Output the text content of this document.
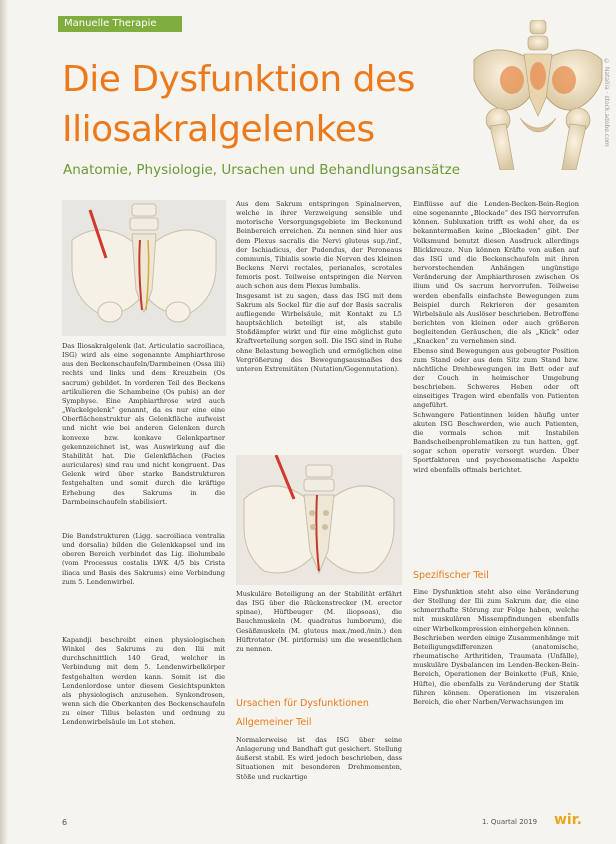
Manuelle Therapie
Die Dysfunktion des
Iliosakralgelenkes
Anatomie, Physiologie, Ursachen und Behandlungsansätze
© Nataliia · stock.adobe.com

Das Iliosakralgelenk (lat. Articulatio sacroiliaca, ISG) wird als eine sogenannte Amphiarthrose aus den Beckenschaufeln/Darmbeinen (Ossa ilii) rechts und links und dem Kreuzbein (Os sacrum) gebildet. In vorderen Teil des Beckens artikulieren die Schambeine (Os pubis) an der Symphyse. Eine Amphiarthrose wird auch „Wackelgelenk“ genannt, da es nur eine eine Oberflächenstruktur als Gelenkfläche aufweist und nicht wie bei anderen Gelenken durch konvexe bzw. konkave Gelenkpartner gekennzeichnet ist, was Auswirkung auf die Stabilität hat. Die Gelenkflächen (Facies auriculares) sind rau und nicht kongruent. Das Gelenk wird über starke Bandstrukturen festgehalten und somit durch die kräftige Erhebung des Sakrums in die Darmbeinschaufeln stabilisiert.

Die Bandstrukturen (Ligg. sacroiliaca ventralia und dorsalia) bilden die Gelenkkapsel und im oberen Bereich verbindet das Lig. iliolumbale (vom Processus costalis LWK 4/5 bis Crista iliaca und Basis des Sakrums) eine Verbindung zum 5. Lendenwirbel.

Kapandji beschreibt einen physiologischen Winkel des Sakrums zu den Ilii mit durchschnittlich 140 Grad, welcher in Verbindung mit dem 5. Lendenwirbelkörper festgehalten werden kann. Somit ist die Lendenlordose unter diesem Gesichtspunkten als physiologisch anzusehen. Synkondrosen, wenn sich die Oberkanten des Beckenschaufeln zu einer Tillus belasten und ordnung zu Lendenwirbelsäule im Lot stehen.

Aus dem Sakrum entspringen Spinalnerven, welche in ihrer Verzweigung sensible und motorische Versorgungsgebiete im Beckenund Beinbereich erreichen. Zu nennen sind hier aus dem Plexus sacralis die Nervi gluteus sup./inf., der Ischiadicus, der Pudendus, der Peroneaus communis, Tibialis sowie die Nerven des kleinen Beckens Nervi rectales, perianales, scrotales femoris post. Teilweise entspringen die Nerven auch schon aus dem Plexus lumbalis.

Insgesamt ist zu sagen, dass das ISG mit dem Sakrum als Sockel für die auf der Basis sacralis aufliegende Wirbelsäule, mit Kontakt zu L5 hauptsächlich beteiligt ist, als stabile Stoßdämpfer wirkt und für eine möglichst gute Kraftverteilung sorgen soll. Die ISG sind in Ruhe ohne Belastung beweglich und ermöglichen eine Vergrößerung des Bewegungsausmaßes des unteren Extremitäten (Nutation/Gegennutation).

Muskuläre Beteiligung an der Stabilität erfährt das ISG über die Rückenstrecker (M. erector spinae), Hüftbeuger (M. iliopsoas), die Bauchmuskeln (M. quadratus lumborum), die Gesäßmuskeln (M. gluteus max./med./min.) den Hüftrotator (M. piriformis) um die wesentlichen zu nennen.

Ursachen für Dysfunktionen
Allgemeiner Teil

Normalerweise ist das ISG über seine Anlagerung und Bandhaft gut gesichert. Stellung äußerst stabil. Es wird jedoch beschrieben, dass Situationen mit besonderen Drehmomenten, Stöße und ruckartige

Einflüsse auf die Lenden-Becken-Bein-Region eine sogenannte „Blockade“ des ISG hervorrufen können. Subluxation trifft es wohl eher, da es bekanntermaßen keine „Blockaden“ gibt. Der Volksmund benutzt diesen Ausdruck allerdings Blickkreuze. Nun können Kräfte von außen auf das ISG und die Beckenschaufeln mit ihren hervorstechenden Anhängen ungünstige Veränderung der Amphiarthrosen zwischen Os ilium und Os sacrum hervorrufen. Teilweise werden ebenfalls einfachste Bewegungen zum Beispiel durch Rekrieren der gesamten Wirbelsäule als Auslöser beschrieben. Betroffene berichten von kleinen oder auch größeren begleitenden Geräuschen, die als „Klick“ oder „Knacken“ zu vernehmen sind.

Ebenso sind Bewegungen aus gebeugter Position zum Stand oder aus dem Sitz zum Stand bzw. nächtliche Drehbewegungen im Bett oder auf der Couch in heimischer Umgebung beschrieben. Schweres Heben oder oft einseitiges Tragen wird ebenfalls von Patienten angeführt.

Schwangere Patientinnen leiden häufig unter akuten ISG Beschwerden, wie auch Patienten, die vormals schon mit Instabilen Bandscheibenproblematiken zu tun hatten, ggf. sogar schon operativ versorgt wurden. Über Sportfaktoren und psychosomatische Aspekte wird ebenfalls oftmals berichtet.

Spezifischer Teil

Eine Dysfunktion steht also eine Veränderung der Stellung der Ilii zum Sakrum dar, die eine schmerzhafte Störung zur Folge haben, welche mit muskulären Missempfindungen ebenfalls einer Wirbelkompression einhergehen können.

Beschrieben werden einige Zusammenhänge mit Beteiligungsdifferenzen (anatomische, rheumatische Arthritiden, Traumata (Unfälle), muskuläre Dysbalancen im Lenden-Becken-Bein-Bereich, Operationen der Beinkette (Fuß, Knie, Hüfte), die ebenfalls zu Veränderung der Statik führen können. Operationen im viszeralen Bereich, die eher Narben/Verwachsungen im

6	1. Quartal 2019 wir.
